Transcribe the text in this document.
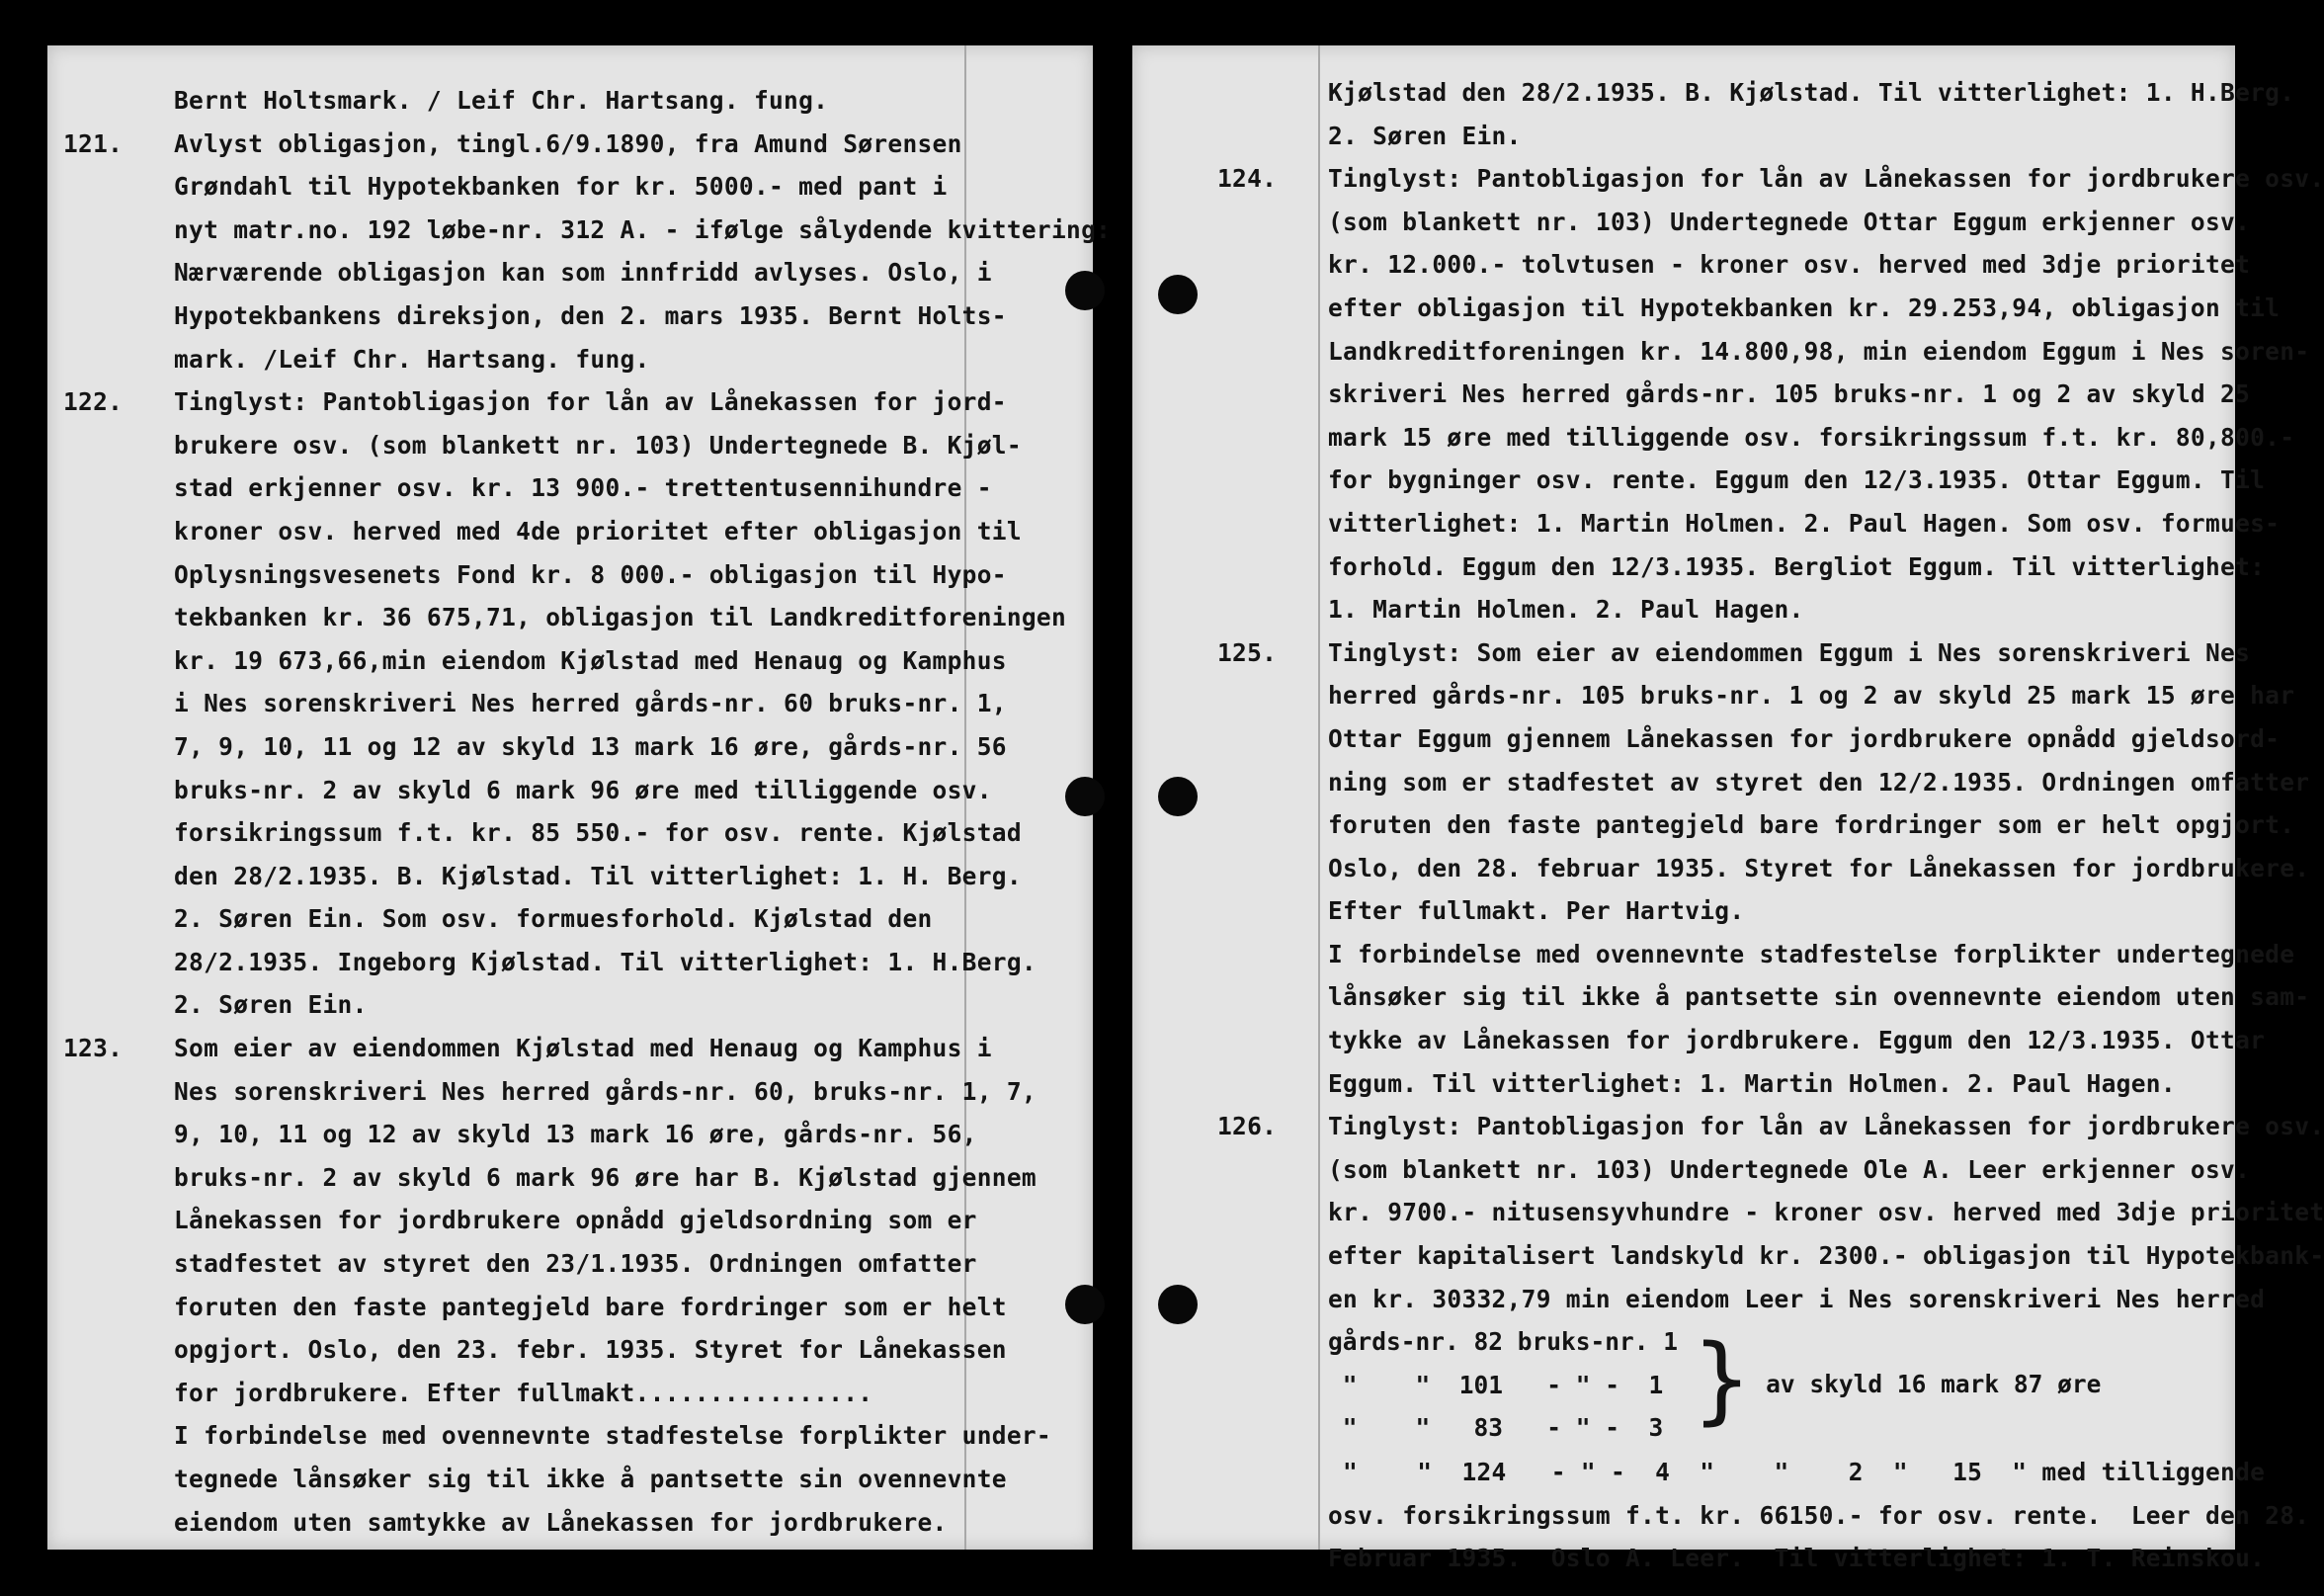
Bernt Holtsmark. / Leif Chr. Hartsang. fung.
121.	Avlyst obligasjon, tingl.6/9.1890, fra Amund Sørensen
Grøndahl til Hypotekbanken for kr. 5000.- med pant i
nyt matr.no. 192 løbe-nr. 312 A. - ifølge sålydende kvittering:
Nærværende obligasjon kan som innfridd avlyses. Oslo, i
Hypotekbankens direksjon, den 2. mars 1935. Bernt Holts-
mark. /Leif Chr. Hartsang. fung.
122.	Tinglyst: Pantobligasjon for lån av Lånekassen for jord-
brukere osv. (som blankett nr. 103) Undertegnede B. Kjøl-
stad erkjenner osv. kr. 13 900.- trettentusennihundre -
kroner osv. herved med 4de prioritet efter obligasjon til
Oplysningsvesenets Fond kr. 8 000.- obligasjon til Hypo-
tekbanken kr. 36 675,71, obligasjon til Landkreditforeningen
kr. 19 673,66,min eiendom Kjølstad med Henaug og Kamphus
i Nes sorenskriveri Nes herred gårds-nr. 60 bruks-nr. 1,
7, 9, 10, 11 og 12 av skyld 13 mark 16 øre, gårds-nr. 56
bruks-nr. 2 av skyld 6 mark 96 øre med tilliggende osv.
forsikringssum f.t. kr. 85 550.- for osv. rente. Kjølstad
den 28/2.1935. B. Kjølstad. Til vitterlighet: 1. H. Berg.
2. Søren Ein. Som osv. formuesforhold. Kjølstad den
28/2.1935. Ingeborg Kjølstad. Til vitterlighet: 1. H.Berg.
2. Søren Ein.
123.	Som eier av eiendommen Kjølstad med Henaug og Kamphus i
Nes sorenskriveri Nes herred gårds-nr. 60, bruks-nr. 1, 7,
9, 10, 11 og 12 av skyld 13 mark 16 øre, gårds-nr. 56,
bruks-nr. 2 av skyld 6 mark 96 øre har B. Kjølstad gjennem
Lånekassen for jordbrukere opnådd gjeldsordning som er
stadfestet av styret den 23/1.1935. Ordningen omfatter
foruten den faste pantegjeld bare fordringer som er helt
opgjort. Oslo, den 23. febr. 1935. Styret for Lånekassen
for jordbrukere. Efter fullmakt................
I forbindelse med ovennevnte stadfestelse forplikter under-
tegnede lånsøker sig til ikke å pantsette sin ovennevnte
eiendom uten samtykke av Lånekassen for jordbrukere.
Kjølstad den 28/2.1935. B. Kjølstad. Til vitterlighet: 1. H.Berg.
2. Søren Ein.
124.	Tinglyst: Pantobligasjon for lån av Lånekassen for jordbrukere osv.
(som blankett nr. 103) Undertegnede Ottar Eggum erkjenner osv.
kr. 12.000.- tolvtusen - kroner osv. herved med 3dje prioritet
efter obligasjon til Hypotekbanken kr. 29.253,94, obligasjon til
Landkreditforeningen kr. 14.800,98, min eiendom Eggum i Nes soren-
skriveri Nes herred gårds-nr. 105 bruks-nr. 1 og 2 av skyld 25
mark 15 øre med tilliggende osv. forsikringssum f.t. kr. 80,800.-
for bygninger osv. rente. Eggum den 12/3.1935. Ottar Eggum. Til
vitterlighet: 1. Martin Holmen. 2. Paul Hagen. Som osv. formues-
forhold. Eggum den 12/3.1935. Bergliot Eggum. Til vitterlighet:
1. Martin Holmen. 2. Paul Hagen.
125.	Tinglyst: Som eier av eiendommen Eggum i Nes sorenskriveri Nes
herred gårds-nr. 105 bruks-nr. 1 og 2 av skyld 25 mark 15 øre har
Ottar Eggum gjennem Lånekassen for jordbrukere opnådd gjeldsord-
ning som er stadfestet av styret den 12/2.1935. Ordningen omfatter
foruten den faste pantegjeld bare fordringer som er helt opgjort.
Oslo, den 28. februar 1935. Styret for Lånekassen for jordbrukere.
Efter fullmakt. Per Hartvig.
I forbindelse med ovennevnte stadfestelse forplikter undertegnede
lånsøker sig til ikke å pantsette sin ovennevnte eiendom uten sam-
tykke av Lånekassen for jordbrukere. Eggum den 12/3.1935. Ottar
Eggum. Til vitterlighet: 1. Martin Holmen. 2. Paul Hagen.
126.	Tinglyst: Pantobligasjon for lån av Lånekassen for jordbrukere osv.
(som blankett nr. 103) Undertegnede Ole A. Leer erkjenner osv.
kr. 9700.- nitusensyvhundre - kroner osv. herved med 3dje prioritet
efter kapitalisert landskyld kr. 2300.- obligasjon til Hypotekbank-
en kr. 30332,79 min eiendom Leer i Nes sorenskriveri Nes herred
gårds-nr. 82 bruks-nr. 1
"    "  101   - " -  1
"    "   83   - " -  3 } av skyld 16 mark 87 øre
"    "  124   - " -  4  "    "    2  "   15  " med tilliggende
osv. forsikringssum f.t. kr. 66150.- for osv. rente.  Leer den 28.
Februar 1935.  Oslo A. Leer.  Til vitterlighet: 1. T. Reinskou.
